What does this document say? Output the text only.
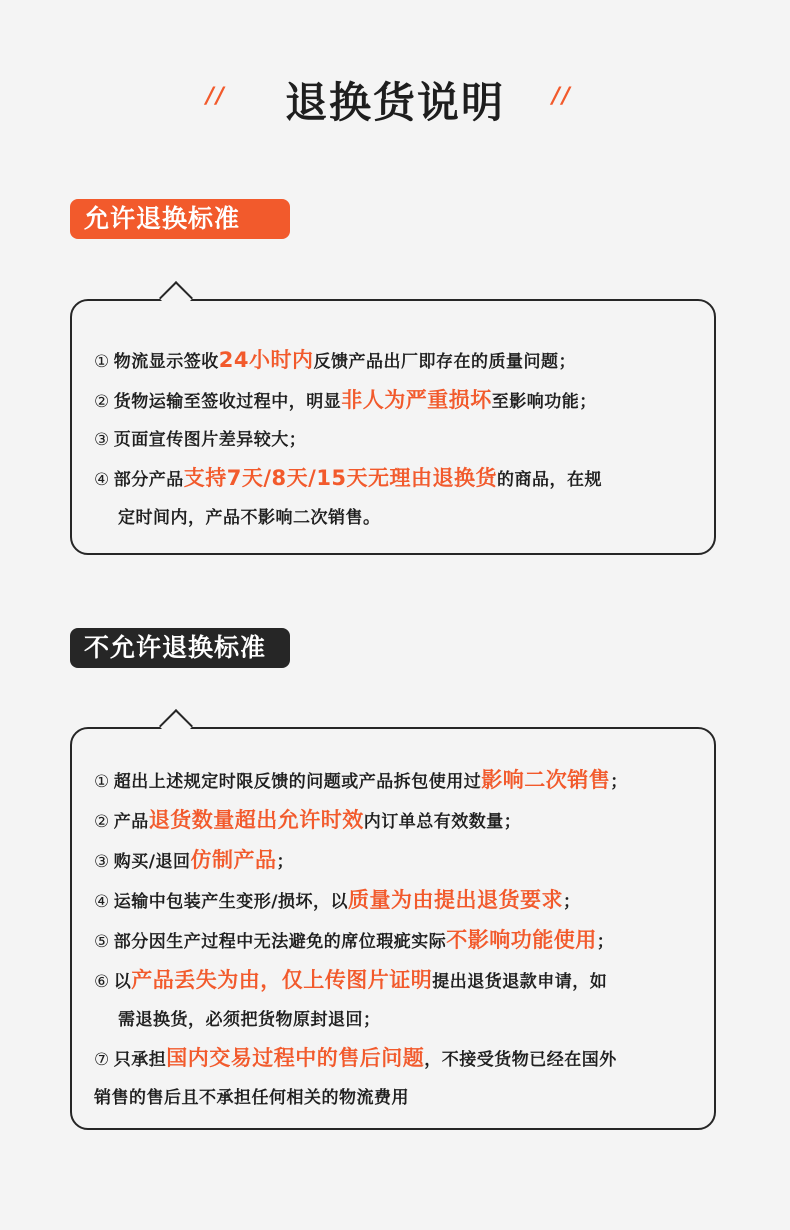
//	退换货说明	//
允许退换标准
① 物流显示签收24小时内反馈产品出厂即存在的质量问题；
② 货物运输至签收过程中，明显非人为严重损坏至影响功能；
③ 页面宣传图片差异较大；
④ 部分产品支持7天/8天/15天无理由退换货的商品，在规
定时间内，产品不影响二次销售。
不允许退换标准
① 超出上述规定时限反馈的问题或产品拆包使用过影响二次销售；
② 产品退货数量超出允许时效内订单总有效数量；
③ 购买/退回仿制产品；
④ 运输中包装产生变形/损坏，以质量为由提出退货要求；
⑤ 部分因生产过程中无法避免的席位瑕疵实际不影响功能使用；
⑥ 以产品丢失为由，仅上传图片证明提出退货退款申请，如
需退换货，必须把货物原封退回；
⑦ 只承担国内交易过程中的售后问题，不接受货物已经在国外
销售的售后且不承担任何相关的物流费用
